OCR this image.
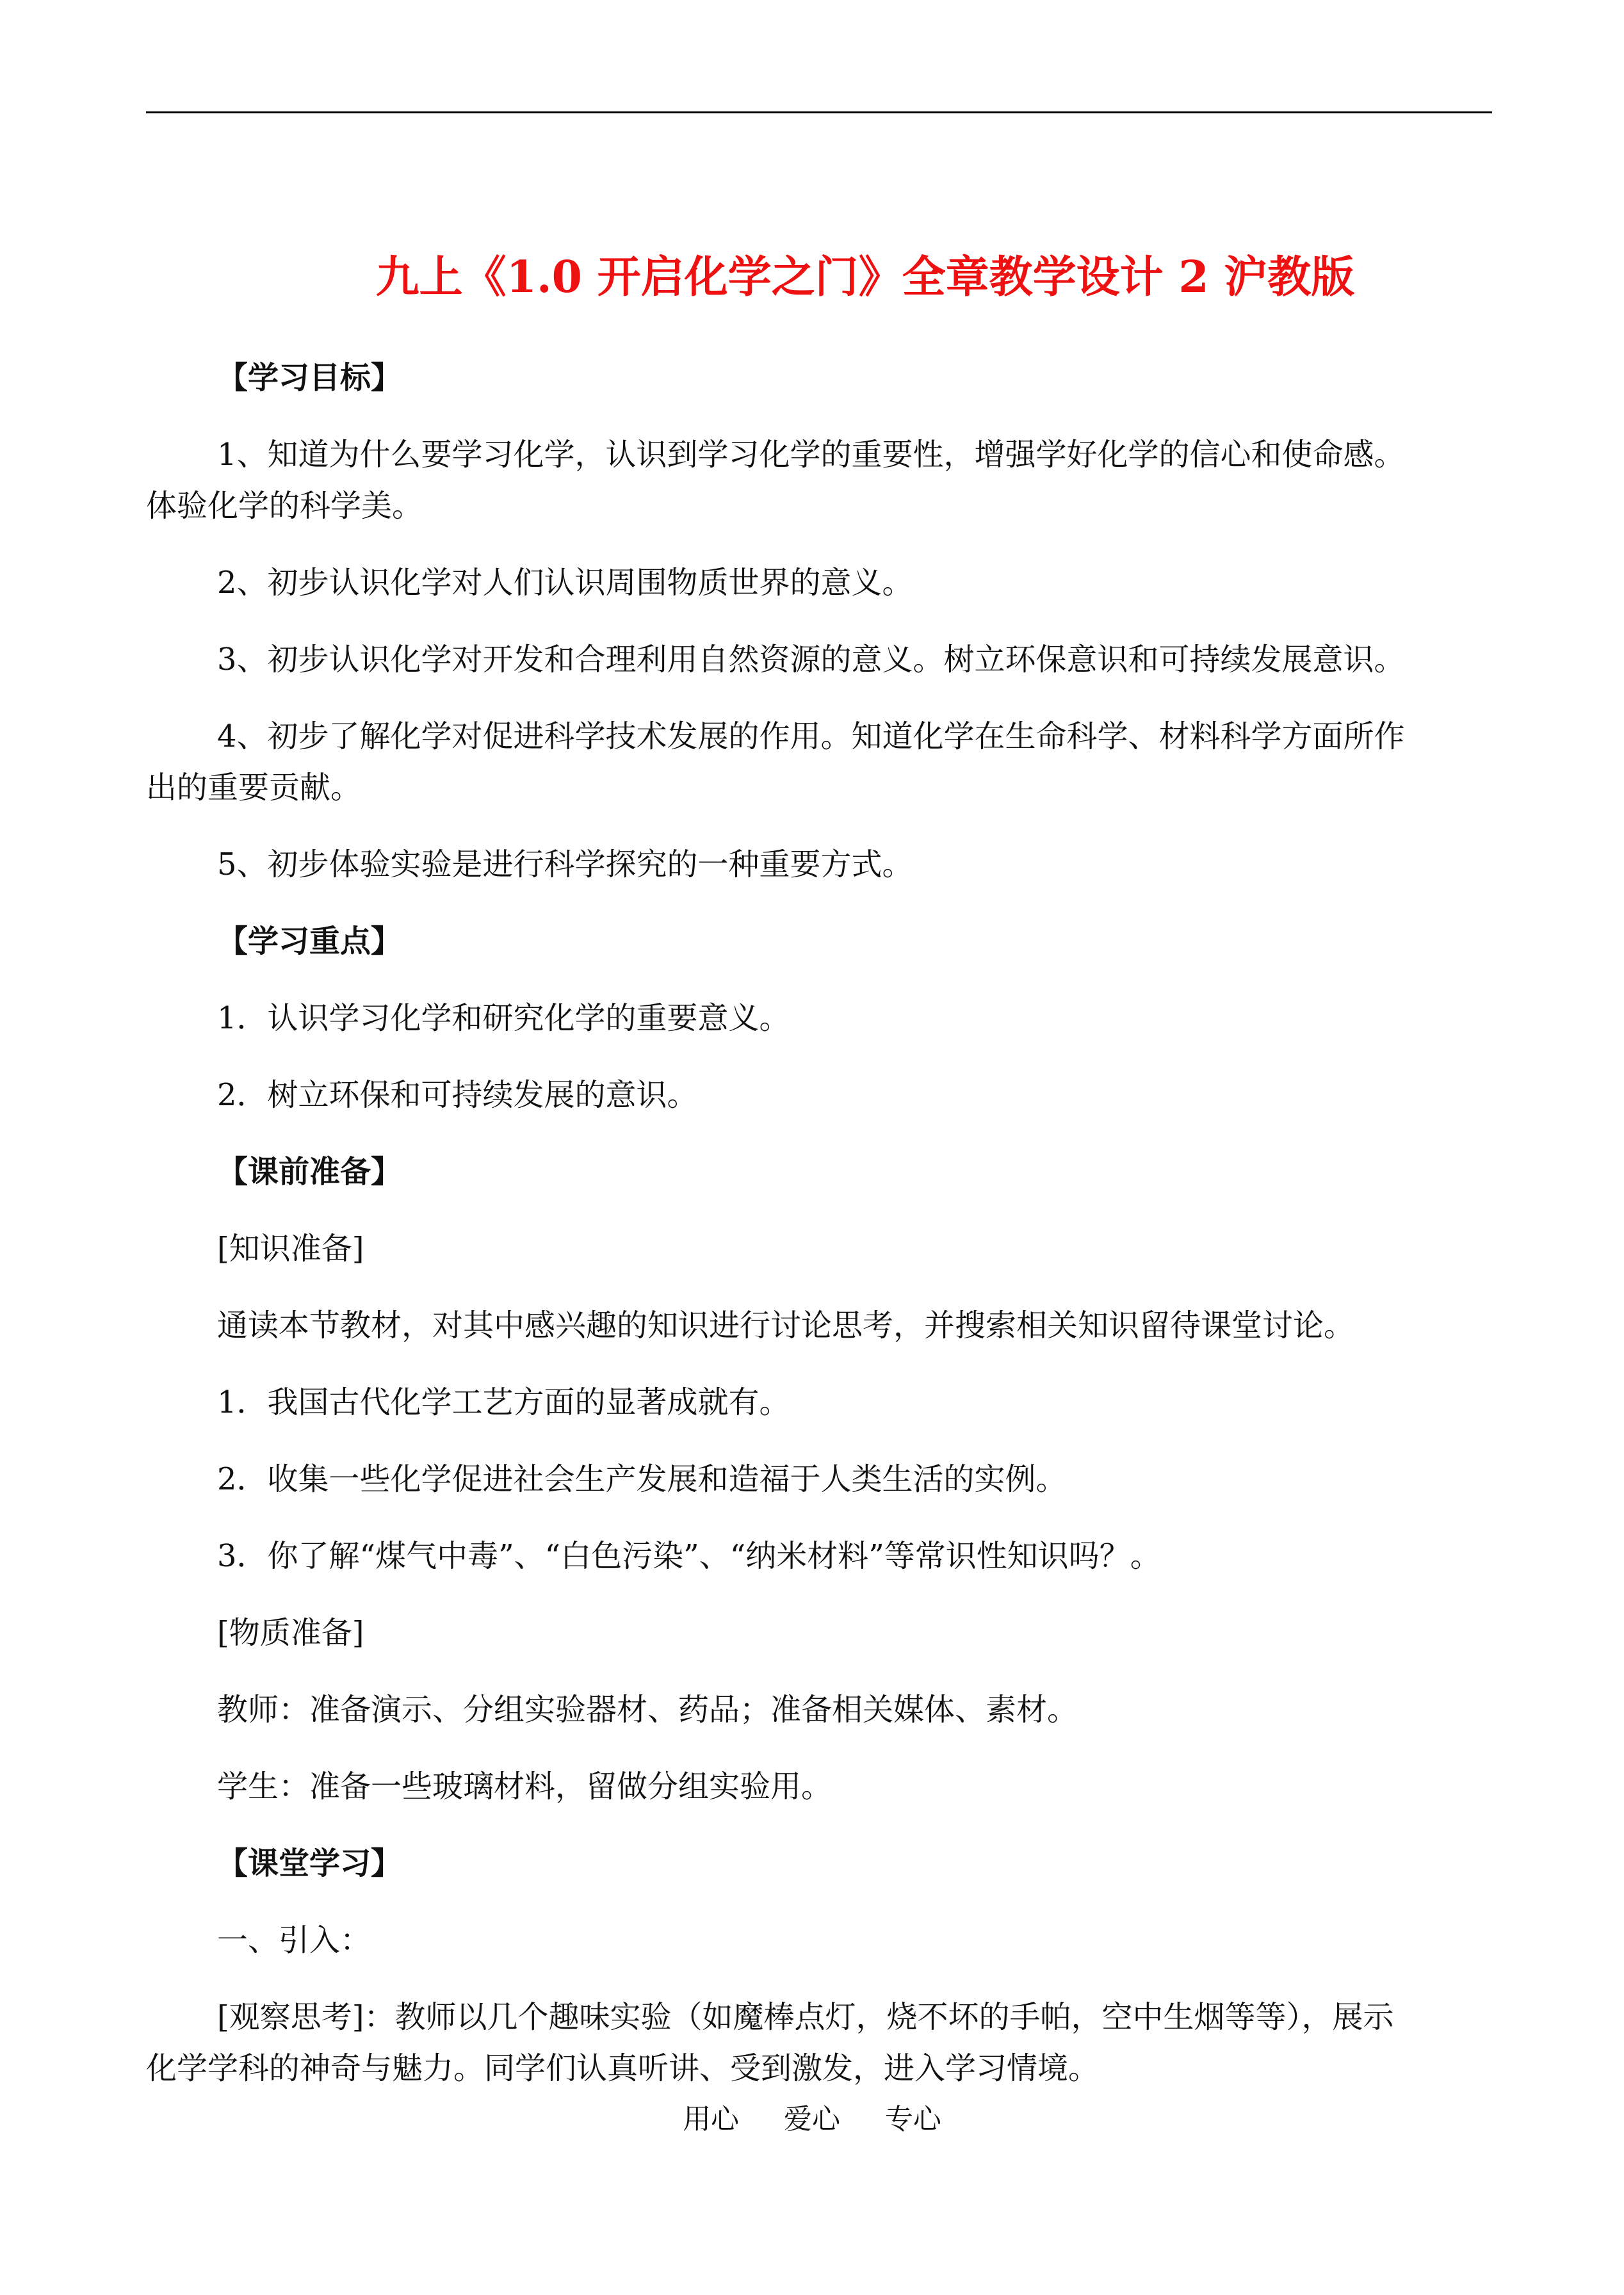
九上《1.0 开启化学之门》全章教学设计 2 沪教版

【学习目标】

1、知道为什么要学习化学，认识到学习化学的重要性，增强学好化学的信心和使命感。

体验化学的科学美。

2、初步认识化学对人们认识周围物质世界的意义。

3、初步认识化学对开发和合理利用自然资源的意义。树立环保意识和可持续发展意识。

4、初步了解化学对促进科学技术发展的作用。知道化学在生命科学、材料科学方面所作

出的重要贡献。

5、初步体验实验是进行科学探究的一种重要方式。

【学习重点】

1．认识学习化学和研究化学的重要意义。

2．树立环保和可持续发展的意识。

【课前准备】

[知识准备]

通读本节教材，对其中感兴趣的知识进行讨论思考，并搜索相关知识留待课堂讨论。

1．我国古代化学工艺方面的显著成就有。

2．收集一些化学促进社会生产发展和造福于人类生活的实例。

3．你了解“煤气中毒”、“白色污染”、“纳米材料”等常识性知识吗？。

[物质准备]

教师：准备演示、分组实验器材、药品；准备相关媒体、素材。

学生：准备一些玻璃材料，留做分组实验用。

【课堂学习】

一、引入：

[观察思考]：教师以几个趣味实验（如魔棒点灯，烧不坏的手帕，空中生烟等等），展示

化学学科的神奇与魅力。同学们认真听讲、受到激发，进入学习情境。

用心     爱心     专心
